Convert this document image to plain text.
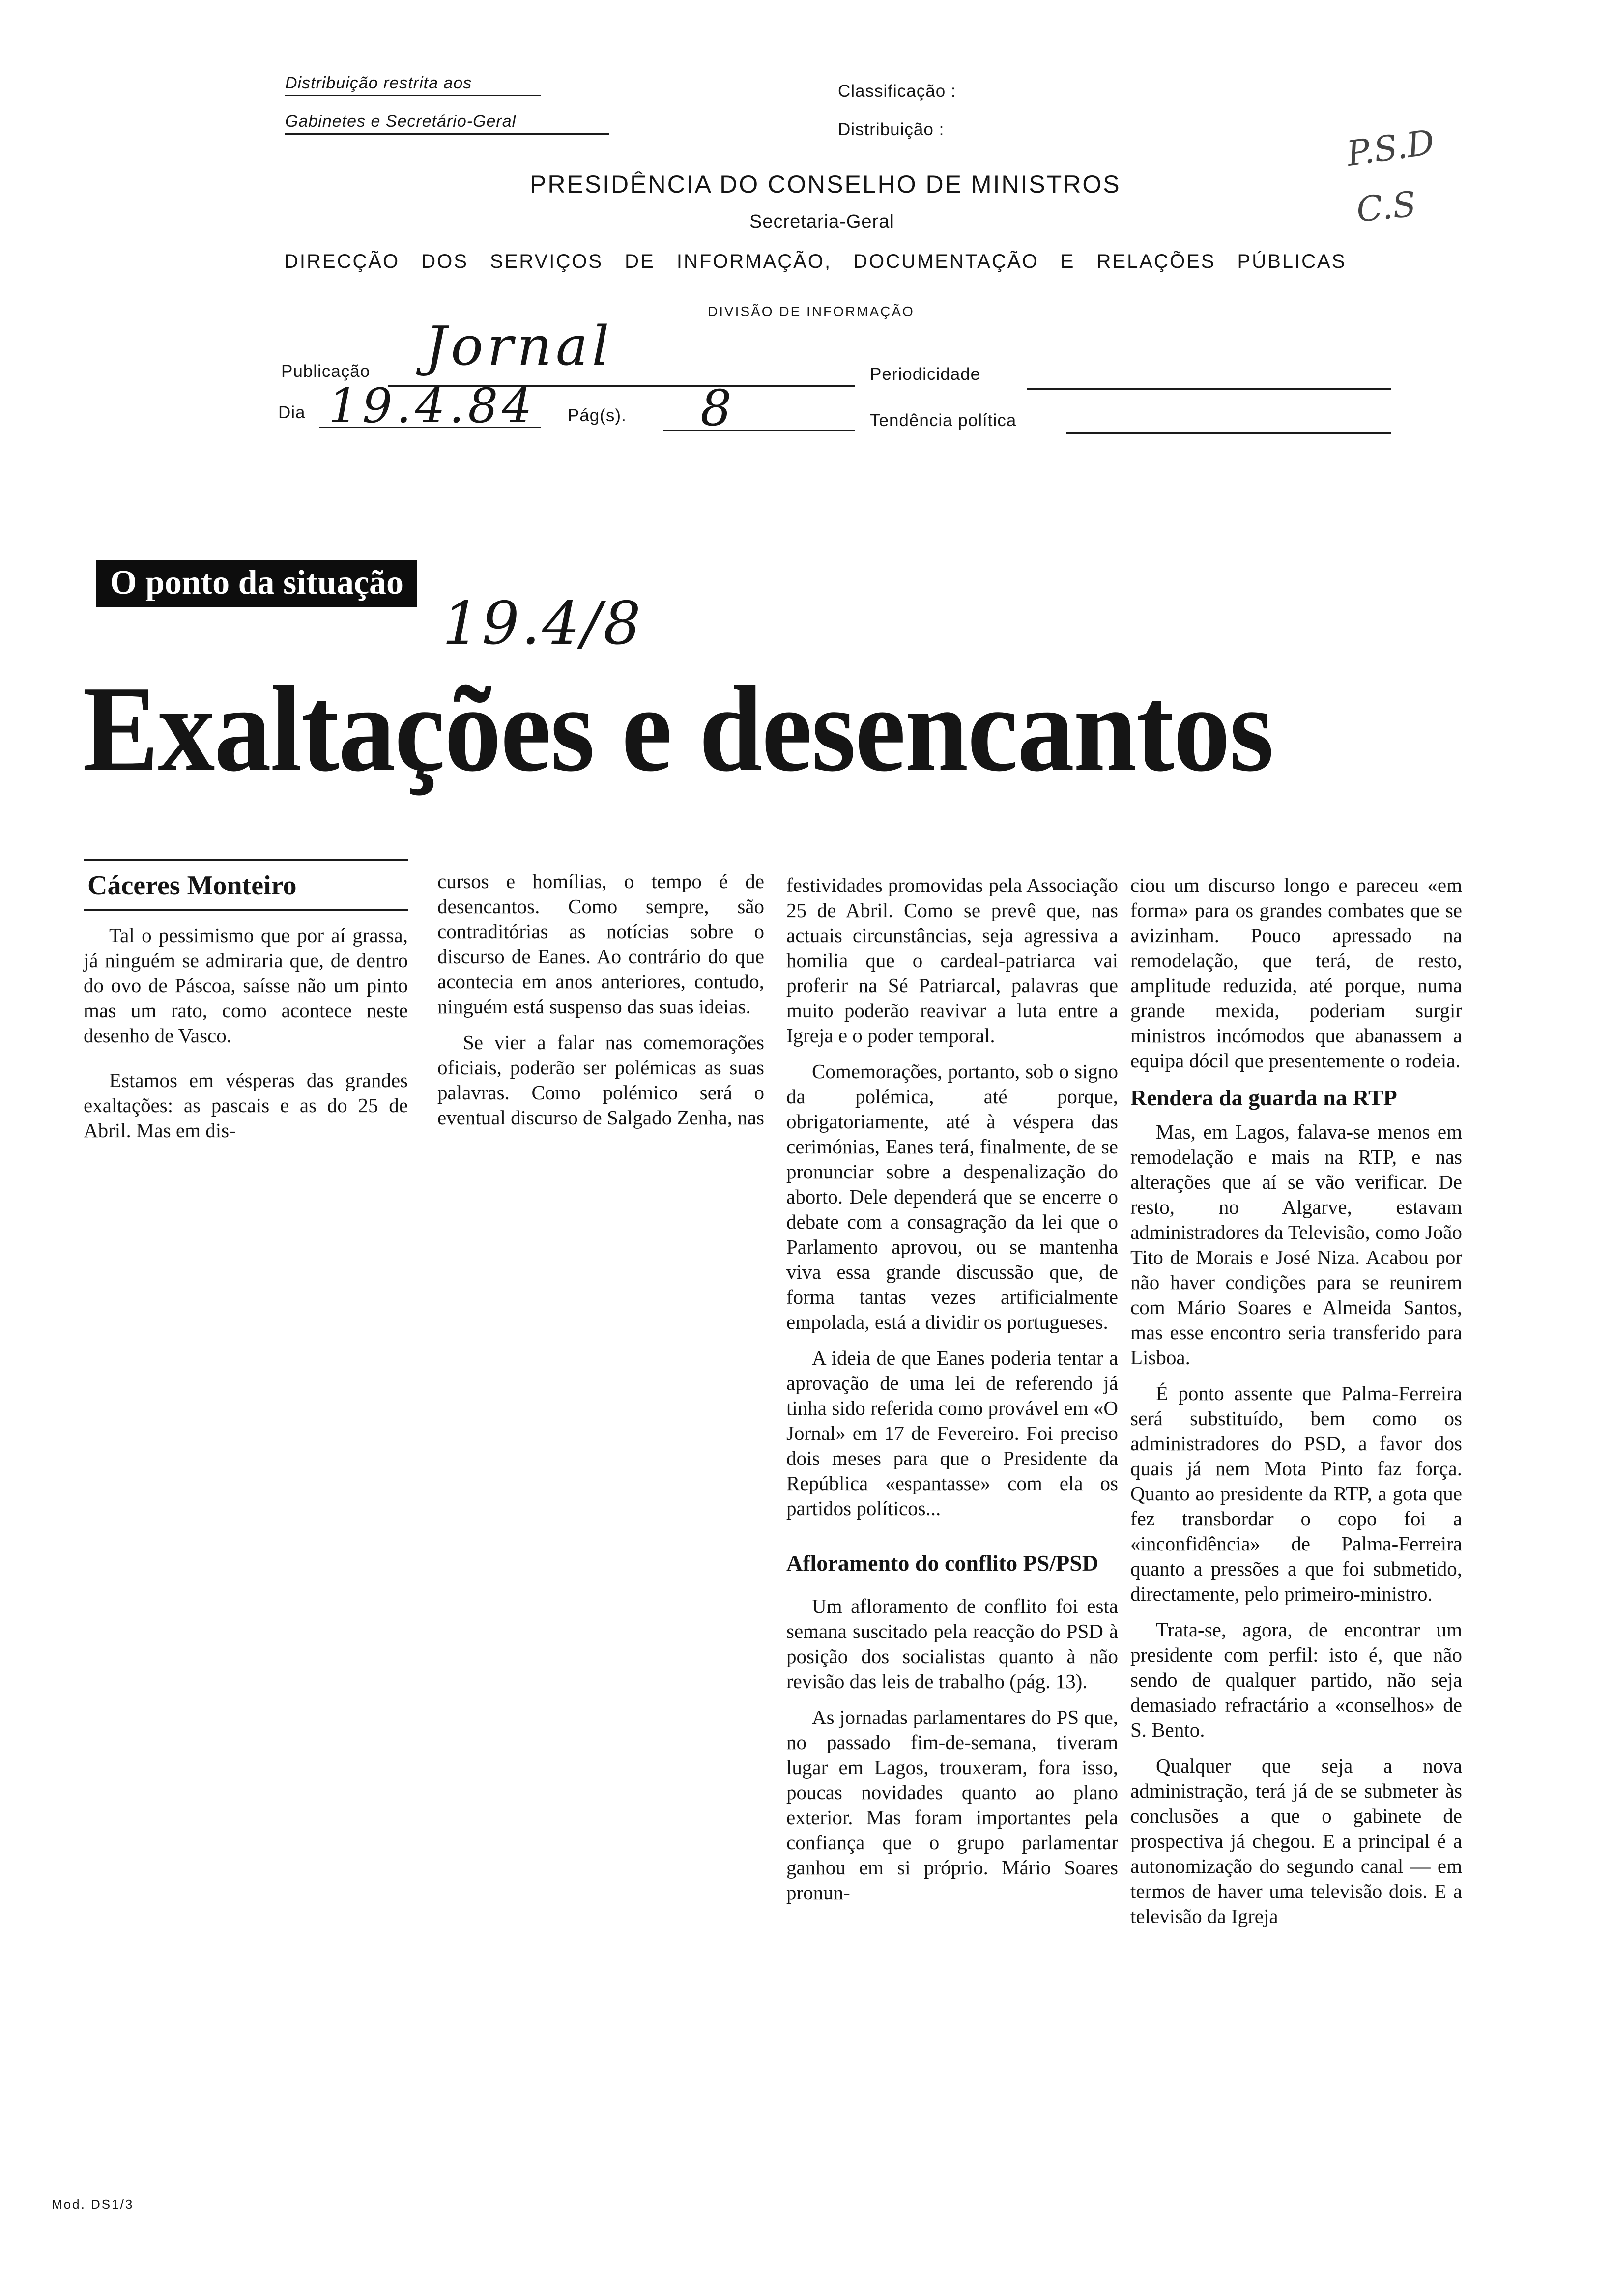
Distribuição restrita aos
Gabinetes e Secretário-Geral
Classificação :
Distribuição :
PRESIDÊNCIA DO CONSELHO DE MINISTROS
Secretaria-Geral
DIRECÇÃO DOS SERVIÇOS DE INFORMAÇÃO, DOCUMENTAÇÃO E RELAÇÕES PÚBLICAS
DIVISÃO DE INFORMAÇÃO
Publicação Jornal	Periodicidade
Dia 19.4.84 Pág(s). 8	Tendência política
P.S.D
C.S
O ponto da situação
19.4/8
Exaltações e desencantos
Cáceres Monteiro

Tal o pessimismo que por aí grassa, já ninguém se admiraria que, de dentro do ovo de Páscoa, saísse não um pinto mas um rato, como acontece neste desenho de Vasco.

Estamos em vésperas das grandes exaltações: as pascais e as do 25 de Abril. Mas em dis-

cursos e homílias, o tempo é de desencantos. Como sempre, são contraditórias as notícias sobre o discurso de Eanes. Ao contrário do que acontecia em anos anteriores, contudo, ninguém está suspenso das suas ideias.

Se vier a falar nas comemorações oficiais, poderão ser polémicas as suas palavras. Como polémico será o eventual discurso de Salgado Zenha, nas

festividades promovidas pela Associação 25 de Abril. Como se prevê que, nas actuais circunstâncias, seja agressiva a homilia que o cardeal-patriarca vai proferir na Sé Patriarcal, palavras que muito poderão reavivar a luta entre a Igreja e o poder temporal.

Comemorações, portanto, sob o signo da polémica, até porque, obrigatoriamente, até à véspera das cerimónias, Eanes terá, finalmente, de se pronunciar sobre a despenalização do aborto. Dele dependerá que se encerre o debate com a consagração da lei que o Parlamento aprovou, ou se mantenha viva essa grande discussão que, de forma tantas vezes artificialmente empolada, está a dividir os portugueses.

A ideia de que Eanes poderia tentar a aprovação de uma lei de referendo já tinha sido referida como provável em «O Jornal» em 17 de Fevereiro. Foi preciso dois meses para que o Presidente da República «espantasse» com ela os partidos políticos...

Afloramento do conflito PS/PSD

Um afloramento de conflito foi esta semana suscitado pela reacção do PSD à posição dos socialistas quanto à não revisão das leis de trabalho (pág. 13).

As jornadas parlamentares do PS que, no passado fim-de-semana, tiveram lugar em Lagos, trouxeram, fora isso, poucas novidades quanto ao plano exterior. Mas foram importantes pela confiança que o grupo parlamentar ganhou em si próprio. Mário Soares pronun-

ciou um discurso longo e pareceu «em forma» para os grandes combates que se avizinham. Pouco apressado na remodelação, que terá, de resto, amplitude reduzida, até porque, numa grande mexida, poderiam surgir ministros incómodos que abanassem a equipa dócil que presentemente o rodeia.

Rendera da guarda na RTP

Mas, em Lagos, falava-se menos em remodelação e mais na RTP, e nas alterações que aí se vão verificar. De resto, no Algarve, estavam administradores da Televisão, como João Tito de Morais e José Niza. Acabou por não haver condições para se reunirem com Mário Soares e Almeida Santos, mas esse encontro seria transferido para Lisboa.

É ponto assente que Palma-Ferreira será substituído, bem como os administradores do PSD, a favor dos quais já nem Mota Pinto faz força. Quanto ao presidente da RTP, a gota que fez transbordar o copo foi a «inconfidência» de Palma-Ferreira quanto a pressões a que foi submetido, directamente, pelo primeiro-ministro.

Trata-se, agora, de encontrar um presidente com perfil: isto é, que não sendo de qualquer partido, não seja demasiado refractário a «conselhos» de S. Bento.

Qualquer que seja a nova administração, terá já de se submeter às conclusões a que o gabinete de prospectiva já chegou. E a principal é a autonomização do segundo canal — em termos de haver uma televisão dois. E a televisão da Igreja

Mod. DS1/3
